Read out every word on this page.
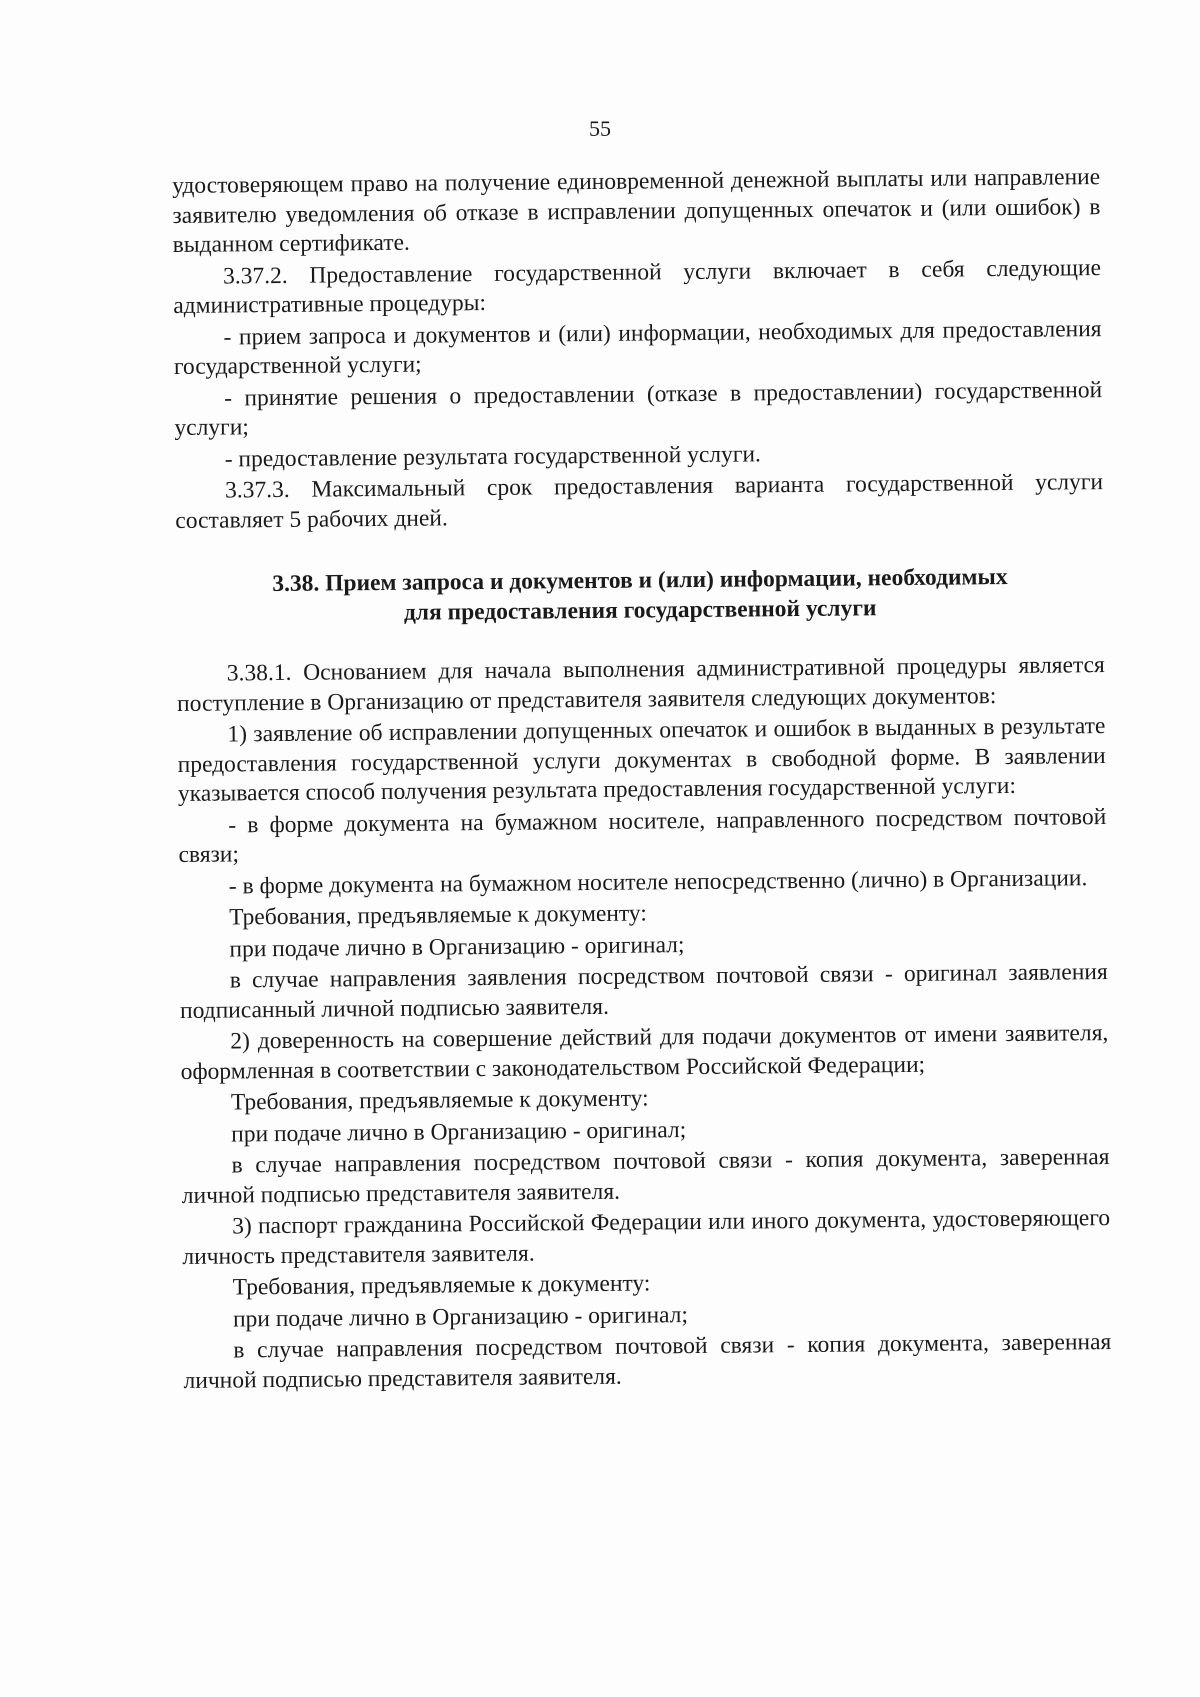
55

удостоверяющем право на получение единовременной денежной выплаты или направление заявителю уведомления об отказе в исправлении допущенных опечаток и (или ошибок) в выданном сертификате.

3.37.2. Предоставление государственной услуги включает в себя следующие административные процедуры:

- прием запроса и документов и (или) информации, необходимых для предоставления государственной услуги;

- принятие решения о предоставлении (отказе в предоставлении) государственной услуги;

- предоставление результата государственной услуги.

3.37.3. Максимальный срок предоставления варианта государственной услуги составляет 5 рабочих дней.

3.38. Прием запроса и документов и (или) информации, необходимых
для предоставления государственной услуги

3.38.1. Основанием для начала выполнения административной процедуры является поступление в Организацию от представителя заявителя следующих документов:

1) заявление об исправлении допущенных опечаток и ошибок в выданных в результате предоставления государственной услуги документах в свободной форме. В заявлении указывается способ получения результата предоставления государственной услуги:

- в форме документа на бумажном носителе, направленного посредством почтовой связи;

- в форме документа на бумажном носителе непосредственно (лично) в Организации.

Требования, предъявляемые к документу:

при подаче лично в Организацию - оригинал;

в случае направления заявления посредством почтовой связи - оригинал заявления подписанный личной подписью заявителя.

2) доверенность на совершение действий для подачи документов от имени заявителя, оформленная в соответствии с законодательством Российской Федерации;

Требования, предъявляемые к документу:

при подаче лично в Организацию - оригинал;

в случае направления посредством почтовой связи - копия документа, заверенная личной подписью представителя заявителя.

3) паспорт гражданина Российской Федерации или иного документа, удостоверяющего личность представителя заявителя.

Требования, предъявляемые к документу:

при подаче лично в Организацию - оригинал;

в случае направления посредством почтовой связи - копия документа, заверенная личной подписью представителя заявителя.
